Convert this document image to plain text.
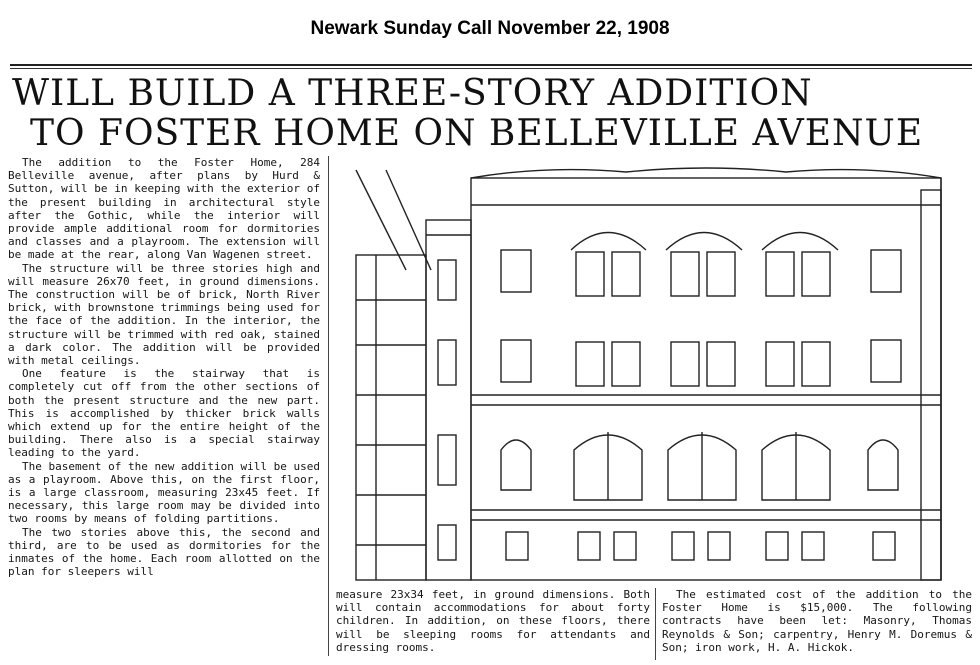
Newark Sunday Call November 22, 1908
WILL BUILD A THREE-STORY ADDITION
TO FOSTER HOME ON BELLEVILLE AVENUE

The addition to the Foster Home, 284 Belleville avenue, after plans by Hurd & Sutton, will be in keeping with the exterior of the present building in architectural style after the Gothic, while the interior will provide ample additional room for dormitories and classes and a playroom. The extension will be made at the rear, along Van Wagenen street.

The structure will be three stories high and will measure 26x70 feet, in ground dimensions. The construction will be of brick, North River brick, with brownstone trimmings being used for the face of the addition. In the interior, the structure will be trimmed with red oak, stained a dark color. The addition will be provided with metal ceilings.

One feature is the stairway that is completely cut off from the other sections of both the present structure and the new part. This is accomplished by thicker brick walls which extend up for the entire height of the building. There also is a special stairway leading to the yard.

The basement of the new addition will be used as a playroom. Above this, on the first floor, is a large classroom, measuring 23x45 feet. If necessary, this large room may be divided into two rooms by means of folding partitions.

The two stories above this, the second and third, are to be used as dormitories for the inmates of the home. Each room allotted on the plan for sleepers will

measure 23x34 feet, in ground dimensions. Both will contain accommodations for about forty children. In addition, on these floors, there will be sleeping rooms for attendants and dressing rooms.

The estimated cost of the addition to the Foster Home is $15,000. The following contracts have been let: Masonry, Thomas Reynolds & Son; carpentry, Henry M. Doremus & Son; iron work, H. A. Hickok.
